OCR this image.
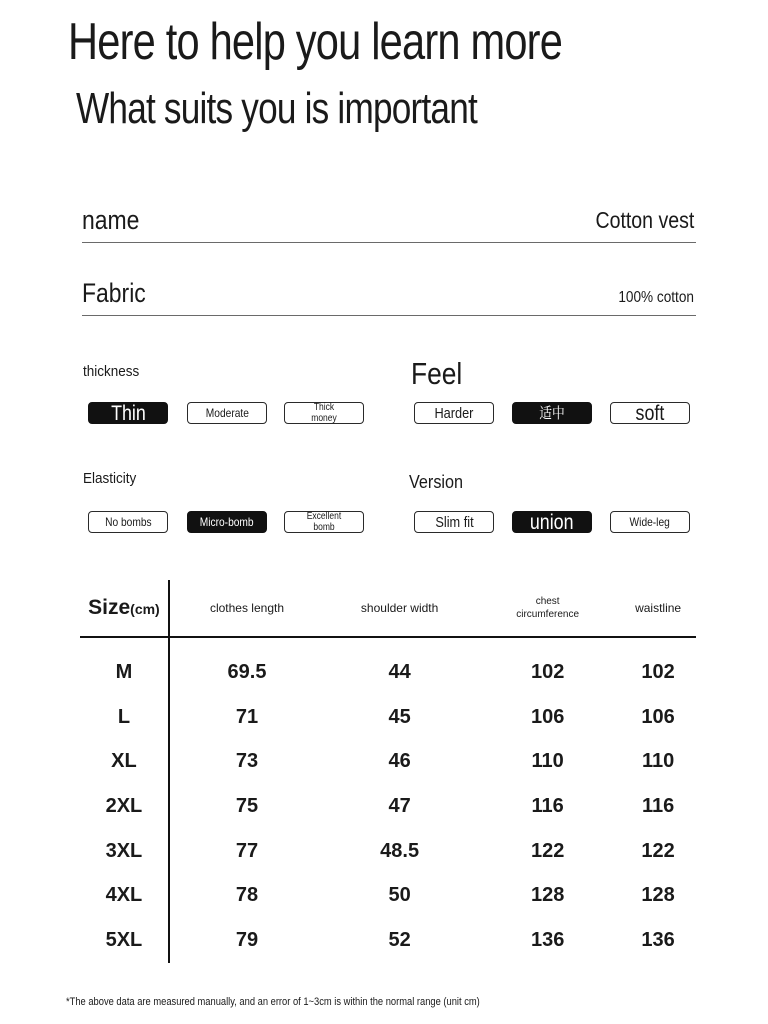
Here to help you learn more
What suits you is important
name	Cotton vest
Fabric	100% cotton
thickness
Thin	Moderate	Thick money
Feel
Harder	适中	soft
Elasticity
No bombs	Micro-bomb	Excellent bomb
Version
Slim fit	union	Wide-leg
Size(cm)	clothes length	shoulder width	chest circumference	waistline

M	69.5	44	102	102
L	71	45	106	106
XL	73	46	110	110
2XL	75	47	116	116
3XL	77	48.5	122	122
4XL	78	50	128	128
5XL	79	52	136	136
*The above data are measured manually, and an error of 1~3cm is within the normal range (unit cm)
